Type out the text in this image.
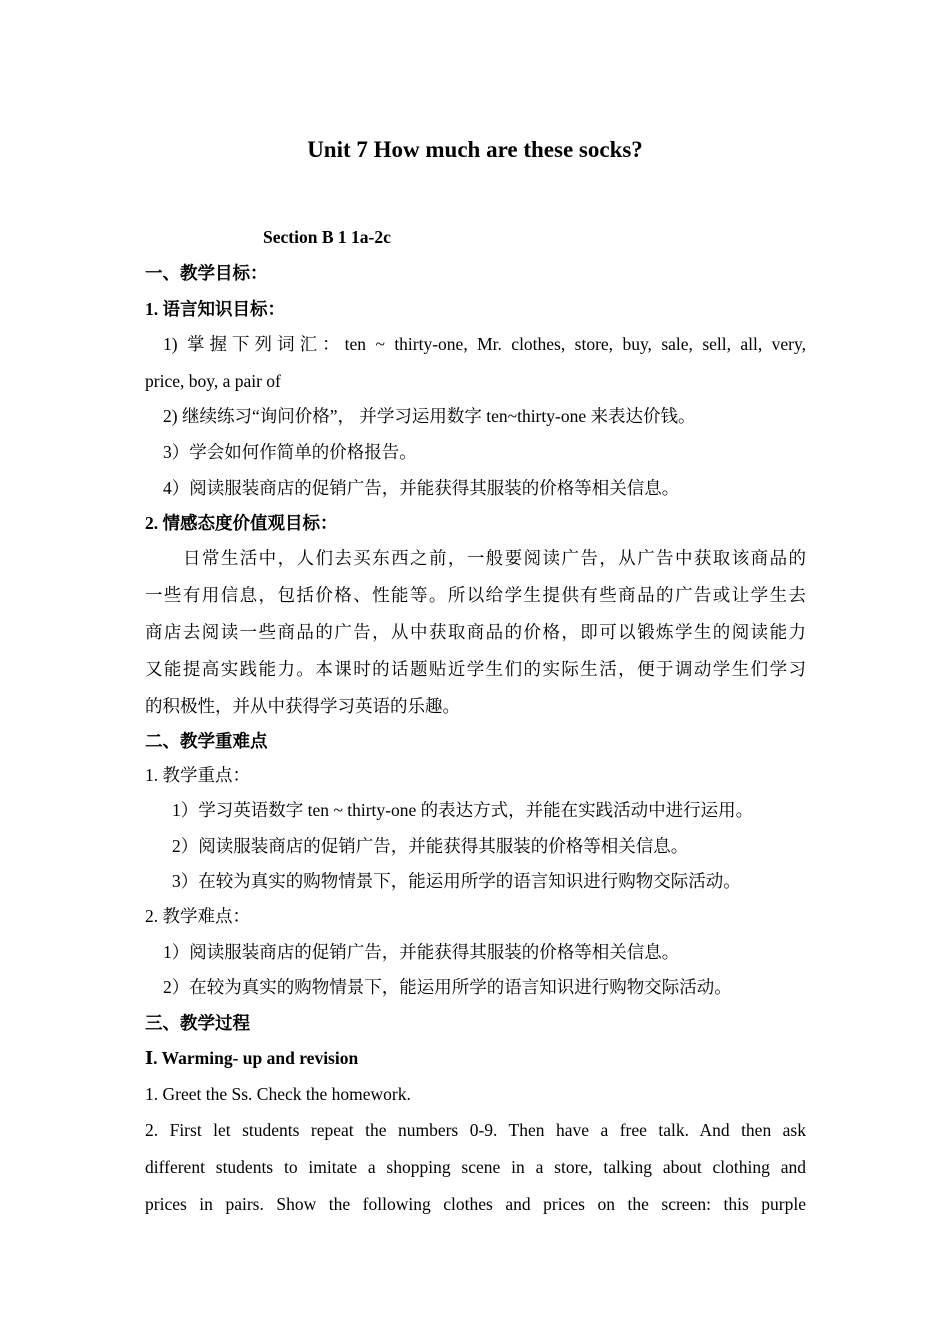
Unit 7 How much are these socks?
Section B 1 1a-2c
一、教学目标：
1. 语言知识目标：
1) 掌握下列词汇：ten ~ thirty-one, Mr. clothes, store, buy, sale, sell, all, very,
price, boy, a pair of
2) 继续练习“询问价格”， 并学习运用数字 ten~thirty-one 来表达价钱。
3）学会如何作简单的价格报告。
4）阅读服装商店的促销广告，并能获得其服装的价格等相关信息。
2. 情感态度价值观目标：
日常生活中，人们去买东西之前，一般要阅读广告，从广告中获取该商品的
一些有用信息，包括价格、性能等。所以给学生提供有些商品的广告或让学生去
商店去阅读一些商品的广告，从中获取商品的价格，即可以锻炼学生的阅读能力
又能提高实践能力。本课时的话题贴近学生们的实际生活，便于调动学生们学习
的积极性，并从中获得学习英语的乐趣。
二、教学重难点
1. 教学重点：
1）学习英语数字 ten ~ thirty-one 的表达方式，并能在实践活动中进行运用。
2）阅读服装商店的促销广告，并能获得其服装的价格等相关信息。
3）在较为真实的购物情景下，能运用所学的语言知识进行购物交际活动。
2. 教学难点：
1）阅读服装商店的促销广告，并能获得其服装的价格等相关信息。
2）在较为真实的购物情景下，能运用所学的语言知识进行购物交际活动。
三、教学过程
Ⅰ. Warming- up and revision
1. Greet the Ss. Check the homework.
2. First let students repeat the numbers 0-9. Then have a free talk. And then ask
different students to imitate a shopping scene in a store, talking about clothing and
prices in pairs. Show the following clothes and prices on the screen: this purple
